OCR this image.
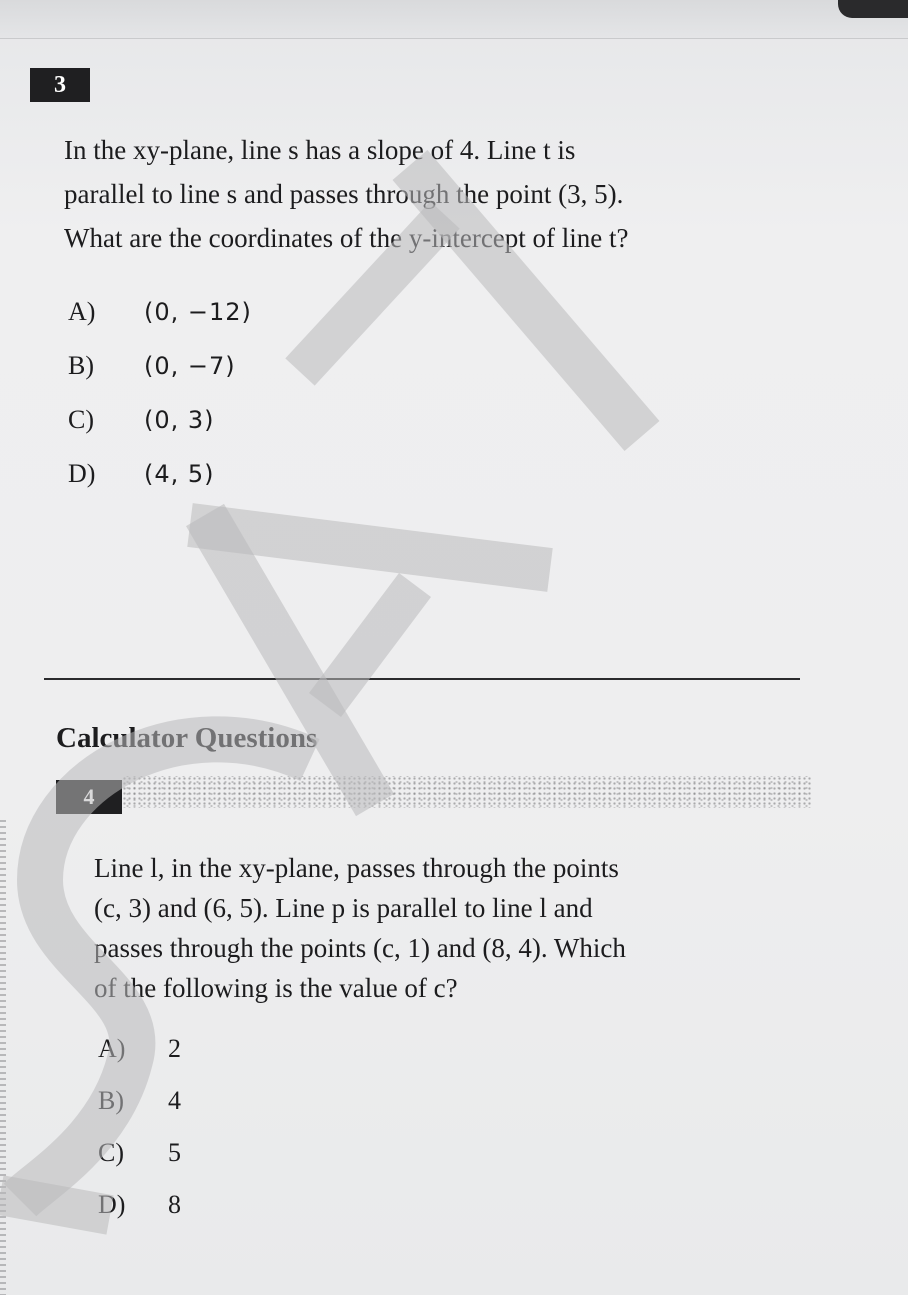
3
In the xy-plane, line s has a slope of 4. Line t is
parallel to line s and passes through the point (3, 5).
What are the coordinates of the y-intercept of line t?
A)	(0, −12)
B)	(0, −7)
C)	(0, 3)
D)	(4, 5)
Calculator Questions
4
Line l, in the xy-plane, passes through the points
(c, 3) and (6, 5). Line p is parallel to line l and
passes through the points (c, 1) and (8, 4). Which
of the following is the value of c?
A)	2
B)	4
C)	5
D)	8
